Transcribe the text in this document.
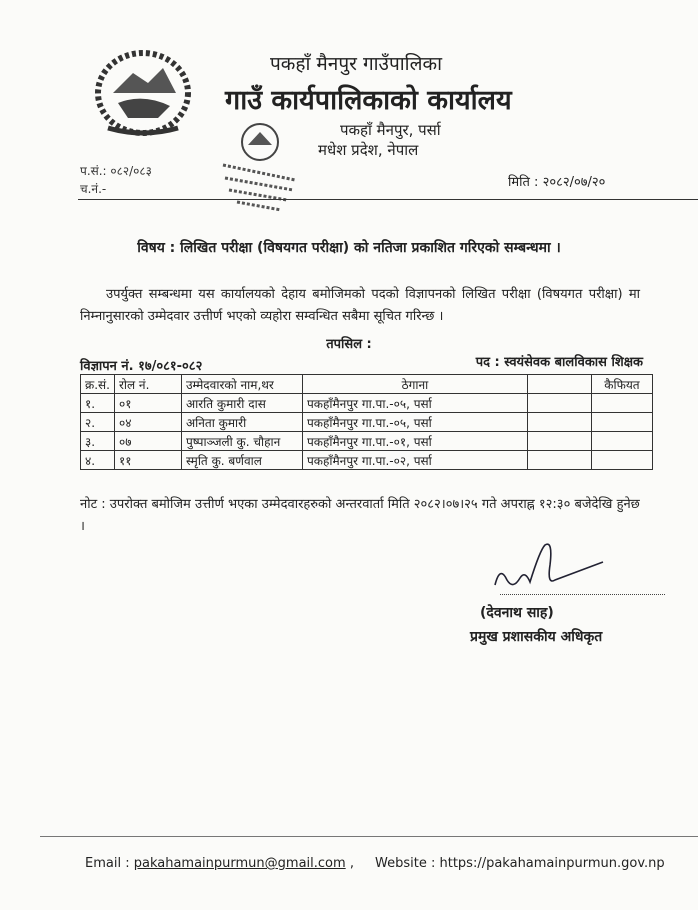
पकहाँ मैनपुर गाउँपालिका
गाउँ कार्यपालिकाको कार्यालय
पकहाँ मैनपुर, पर्सा
मधेश प्रदेश, नेपाल
प.सं.: ०८२/०८३
च.नं.-	मिति : २०८२/०७/२०
विषय : लिखित परीक्षा (विषयगत परीक्षा) को नतिजा प्रकाशित गरिएको सम्बन्धमा ।
उपर्युक्त सम्बन्धमा यस कार्यालयको देहाय बमोजिमको पदको विज्ञापनको लिखित परीक्षा (विषयगत परीक्षा) मा निम्नानुसारको उम्मेदवार उत्तीर्ण भएको व्यहोरा सम्वन्धित सबैमा सूचित गरिन्छ ।
तपसिल :
विज्ञापन नं. १७/०८१-०८२	पद : स्वयंसेवक बालविकास शिक्षक
क्र.सं.	रोल नं.	उम्मेदवारको नाम,थर	ठेगाना		कैफियत
१.	०१	आरति कुमारी दास	पकहाँमैनपुर गा.पा.-०५, पर्सा		
२.	०४	अनिता कुमारी	पकहाँमैनपुर गा.पा.-०५, पर्सा		
३.	०७	पुष्पाञ्जली कु. चौहान	पकहाँमैनपुर गा.पा.-०१, पर्सा		
४.	११	स्मृति कु. बर्णवाल	पकहाँमैनपुर गा.पा.-०२, पर्सा		
नोट : उपरोक्त बमोजिम उत्तीर्ण भएका उम्मेदवारहरुको अन्तरवार्ता मिति २०८२।०७।२५ गते अपराह्न १२:३० बजेदेखि हुनेछ ।
(देवनाथ साह)
प्रमुख प्रशासकीय अधिकृत
Email : pakahamainpurmun@gmail.com , Website : https://pakahamainpurmun.gov.np
